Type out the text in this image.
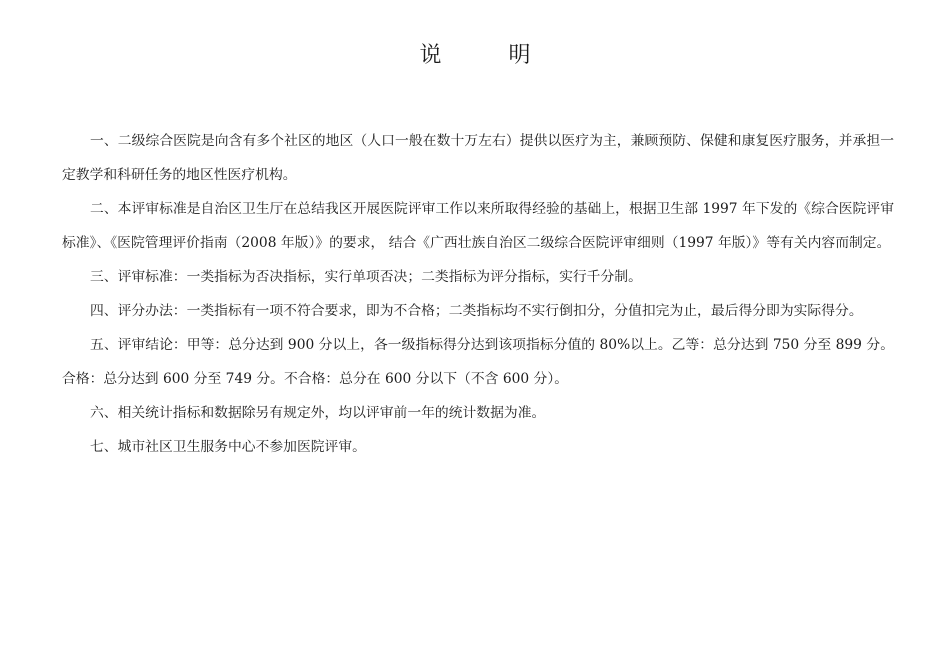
说 明

一、二级综合医院是向含有多个社区的地区（人口一般在数十万左右）提供以医疗为主，兼顾预防、保健和康复医疗服务，并承担一定教学和科研任务的地区性医疗机构。

二、本评审标准是自治区卫生厅在总结我区开展医院评审工作以来所取得经验的基础上，根据卫生部 1997 年下发的《综合医院评审标准》、《医院管理评价指南（2008 年版）》的要求， 结合《广西壮族自治区二级综合医院评审细则（1997 年版）》等有关内容而制定。

三、评审标准：一类指标为否决指标，实行单项否决；二类指标为评分指标，实行千分制。

四、评分办法：一类指标有一项不符合要求，即为不合格；二类指标均不实行倒扣分，分值扣完为止，最后得分即为实际得分。

五、评审结论：甲等：总分达到 900 分以上，各一级指标得分达到该项指标分值的 80%以上。乙等：总分达到 750 分至 899 分。合格：总分达到 600 分至 749 分。不合格：总分在 600 分以下（不含 600 分）。

六、相关统计指标和数据除另有规定外，均以评审前一年的统计数据为准。

七、城市社区卫生服务中心不参加医院评审。
